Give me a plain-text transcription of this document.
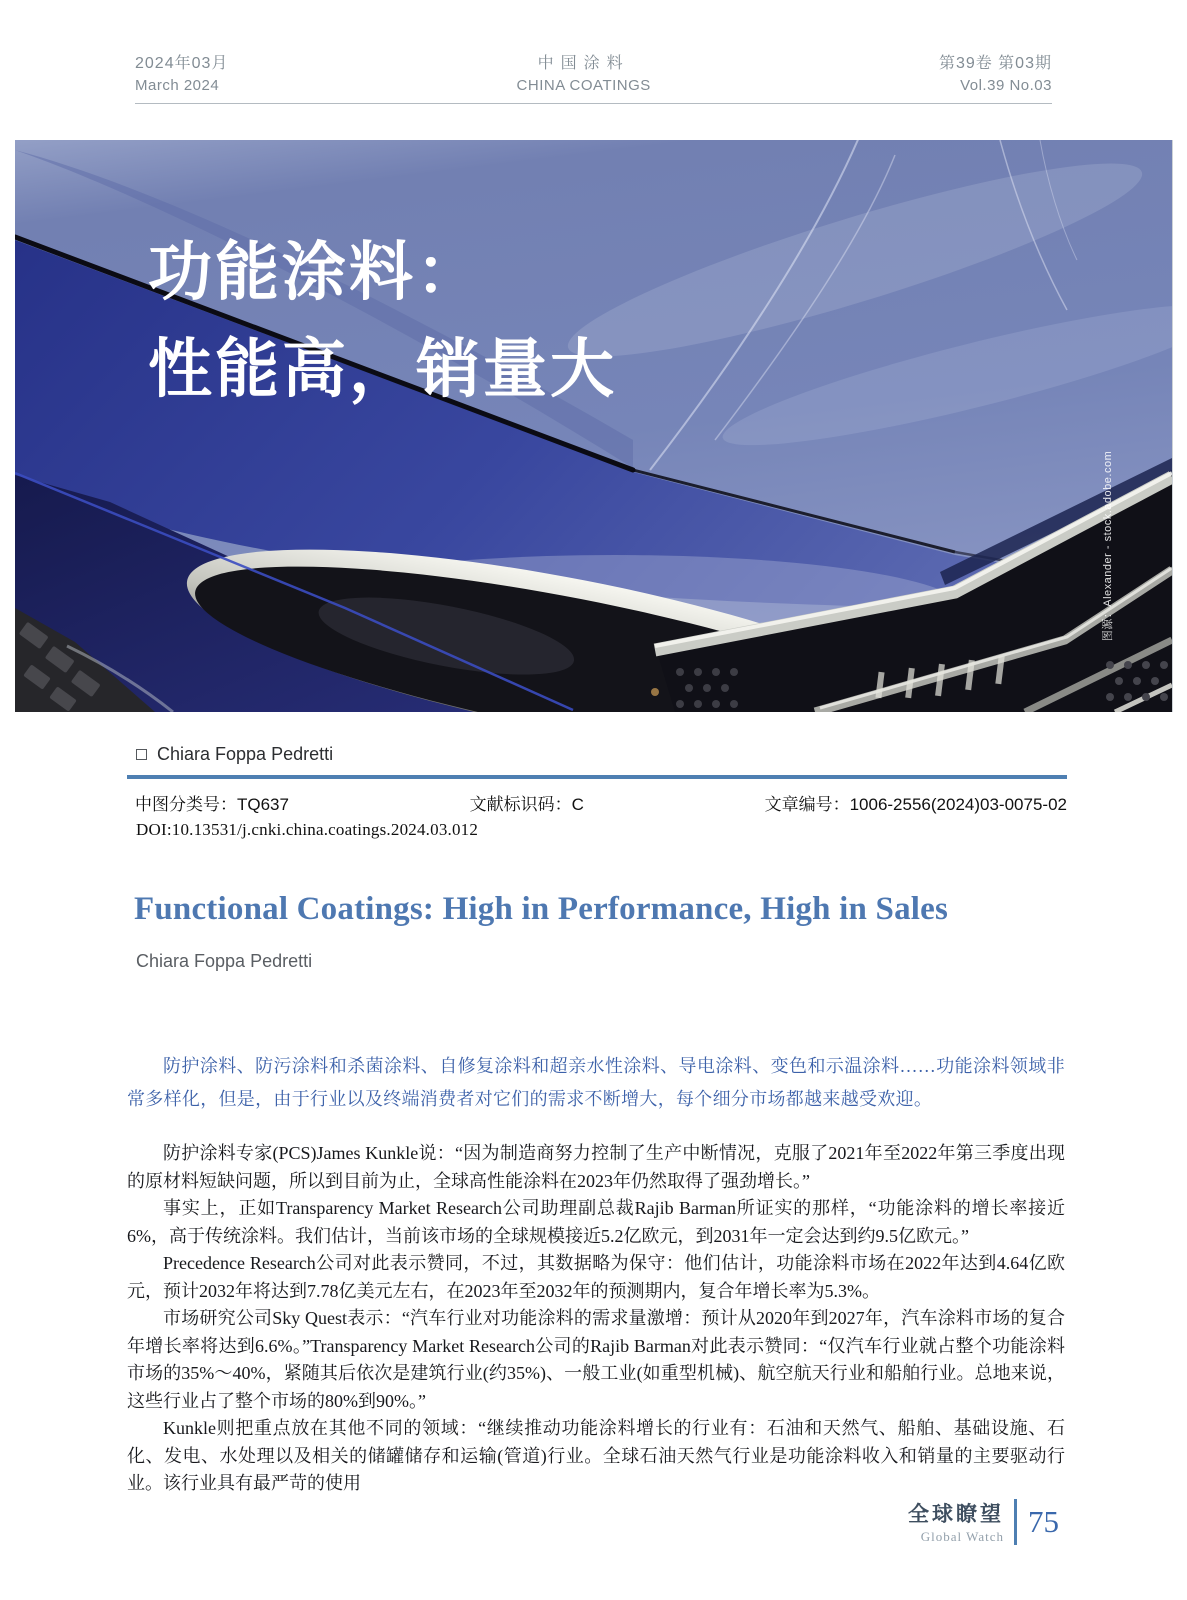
2024年03月
March 2024
中国涂料
CHINA COATINGS
第39卷 第03期
Vol.39 No.03
功能涂料：
性能高，销量大
图源：Alexander - stock.adobe.com
Chiara Foppa Pedretti
中图分类号：TQ637	文献标识码：C	文章编号：1006-2556(2024)03-0075-02
DOI:10.13531/j.cnki.china.coatings.2024.03.012
Functional Coatings: High in Performance, High in Sales
Chiara Foppa Pedretti
防护涂料、防污涂料和杀菌涂料、自修复涂料和超亲水性涂料、导电涂料、变色和示温涂料……功能涂料领域非常多样化，但是，由于行业以及终端消费者对它们的需求不断增大，每个细分市场都越来越受欢迎。

防护涂料专家(PCS)James Kunkle说：“因为制造商努力控制了生产中断情况，克服了2021年至2022年第三季度出现的原材料短缺问题，所以到目前为止，全球高性能涂料在2023年仍然取得了强劲增长。”

事实上，正如Transparency Market Research公司助理副总裁Rajib Barman所证实的那样，“功能涂料的增长率接近6%，高于传统涂料。我们估计，当前该市场的全球规模接近5.2亿欧元，到2031年一定会达到约9.5亿欧元。”

Precedence Research公司对此表示赞同，不过，其数据略为保守：他们估计，功能涂料市场在2022年达到4.64亿欧元，预计2032年将达到7.78亿美元左右，在2023年至2032年的预测期内，复合年增长率为5.3%。

市场研究公司Sky Quest表示：“汽车行业对功能涂料的需求量激增：预计从2020年到2027年，汽车涂料市场的复合年增长率将达到6.6%。”Transparency Market Research公司的Rajib Barman对此表示赞同：“仅汽车行业就占整个功能涂料市场的35%～40%，紧随其后依次是建筑行业(约35%)、一般工业(如重型机械)、航空航天行业和船舶行业。总地来说，这些行业占了整个市场的80%到90%。”

Kunkle则把重点放在其他不同的领域：“继续推动功能涂料增长的行业有：石油和天然气、船舶、基础设施、石化、发电、水处理以及相关的储罐储存和运输(管道)行业。全球石油天然气行业是功能涂料收入和销量的主要驱动行业。该行业具有最严苛的使用

全球瞭望
Global Watch 75
